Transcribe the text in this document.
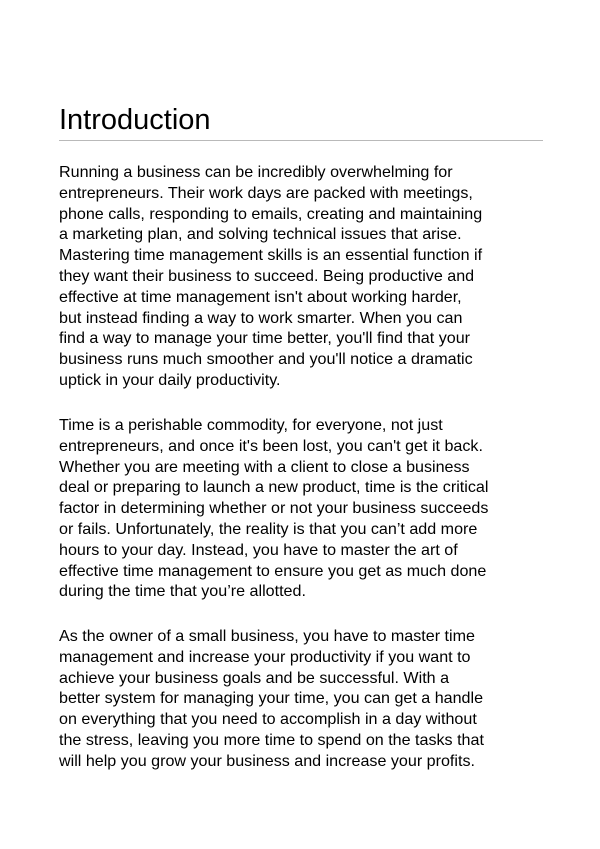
Introduction

Running a business can be incredibly overwhelming for
entrepreneurs. Their work days are packed with meetings,
phone calls, responding to emails, creating and maintaining
a marketing plan, and solving technical issues that arise.
Mastering time management skills is an essential function if
they want their business to succeed. Being productive and
effective at time management isn't about working harder,
but instead finding a way to work smarter. When you can
find a way to manage your time better, you'll find that your
business runs much smoother and you'll notice a dramatic
uptick in your daily productivity.

Time is a perishable commodity, for everyone, not just
entrepreneurs, and once it's been lost, you can't get it back.
Whether you are meeting with a client to close a business
deal or preparing to launch a new product, time is the critical
factor in determining whether or not your business succeeds
or fails. Unfortunately, the reality is that you can’t add more
hours to your day. Instead, you have to master the art of
effective time management to ensure you get as much done
during the time that you’re allotted.

As the owner of a small business, you have to master time
management and increase your productivity if you want to
achieve your business goals and be successful. With a
better system for managing your time, you can get a handle
on everything that you need to accomplish in a day without
the stress, leaving you more time to spend on the tasks that
will help you grow your business and increase your profits.
